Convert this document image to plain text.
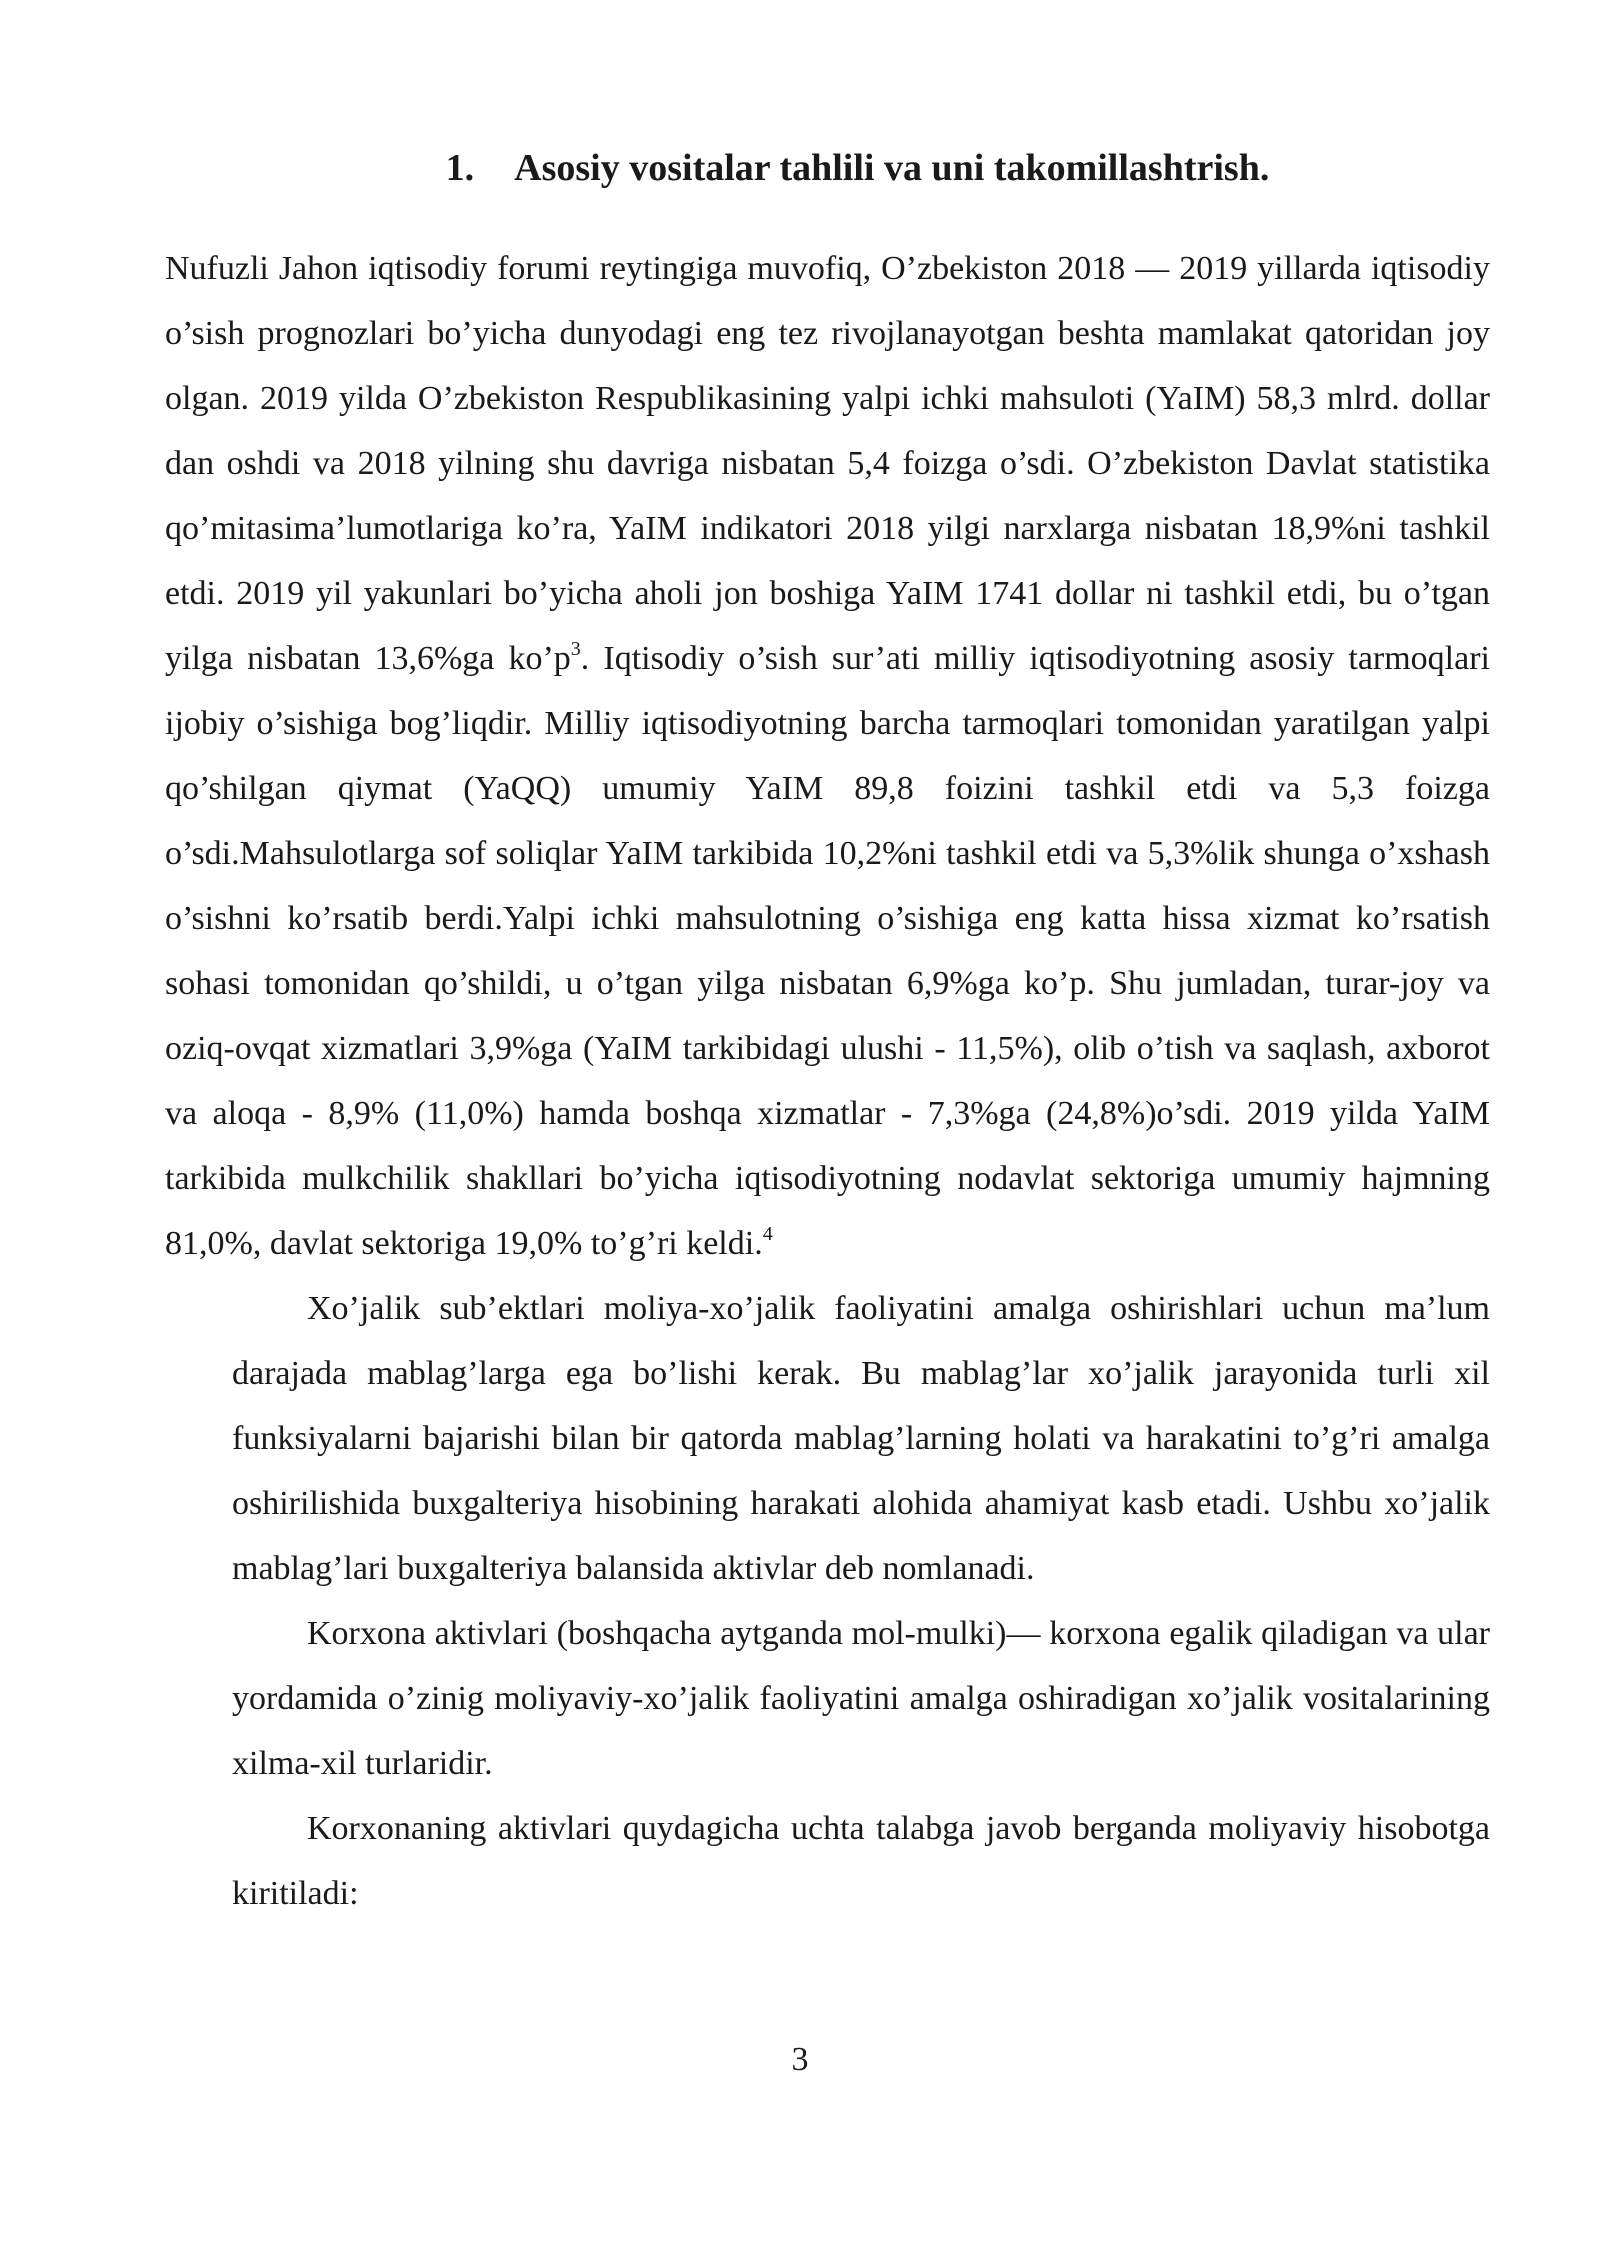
1. Asosiy vositalar tahlili va uni takomillashtrish.

Nufuzli Jahon iqtisodiy forumi reytingiga muvofiq, O’zbekiston 2018 — 2019 yillarda iqtisodiy o’sish prognozlari bo’yicha dunyodagi eng tez rivojlanayotgan beshta mamlakat qatoridan joy olgan. 2019 yilda O’zbekiston Respublikasining yalpi ichki mahsuloti (YaIM) 58,3 mlrd. dollar dan oshdi va 2018 yilning shu davriga nisbatan 5,4 foizga o’sdi. O’zbekiston Davlat statistika qo’mitasima’lumotlariga ko’ra, YaIM indikatori 2018 yilgi narxlarga nisbatan 18,9%ni tashkil etdi. 2019 yil yakunlari bo’yicha aholi jon boshiga YaIM 1741 dollar ni tashkil etdi, bu o’tgan yilga nisbatan 13,6%ga $ko’p^3$. Iqtisodiy o’sish sur’ati milliy iqtisodiyotning asosiy tarmoqlari ijobiy o’sishiga bog’liqdir. Milliy iqtisodiyotning barcha tarmoqlari tomonidan yaratilgan yalpi qo’shilgan qiymat (YaQQ) umumiy YaIM 89,8 foizini tashkil etdi va 5,3 foizga o’sdi.Mahsulotlarga sof soliqlar YaIM tarkibida 10,2%ni tashkil etdi va 5,3%lik shunga o’xshash o’sishni ko’rsatib berdi.Yalpi ichki mahsulotning o’sishiga eng katta hissa xizmat ko’rsatish sohasi tomonidan qo’shildi, u o’tgan yilga nisbatan 6,9%ga ko’p. Shu jumladan, turar-joy va oziq-ovqat xizmatlari 3,9%ga (YaIM tarkibidagi ulushi - 11,5%), olib o’tish va saqlash, axborot va aloqa - 8,9% (11,0%) hamda boshqa xizmatlar - 7,3%ga (24,8%)o’sdi. 2019 yilda YaIM tarkibida mulkchilik shakllari bo’yicha iqtisodiyotning nodavlat sektoriga umumiy hajmning 81,0%, davlat sektoriga 19,0% to’g’ri keldi.$^4$

Xo’jalik sub’ektlari moliya-xo’jalik faoliyatini amalga oshirishlari uchun ma’lum darajada mablag’larga ega bo’lishi kerak. Bu mablag’lar xo’jalik jarayonida turli xil funksiyalarni bajarishi bilan bir qatorda mablag’larning holati va harakatini to’g’ri amalga oshirilishida buxgalteriya hisobining harakati alohida ahamiyat kasb etadi. Ushbu xo’jalik mablag’lari buxgalteriya balansida aktivlar deb nomlanadi.

Korxona aktivlari (boshqacha aytganda mol-mulki)— korxona egalik qiladigan va ular yordamida o’zinig moliyaviy-xo’jalik faoliyatini amalga oshiradigan xo’jalik vositalarining xilma-xil turlaridir.

Korxonaning aktivlari quydagicha uchta talabga javob berganda moliyaviy hisobotga kiritiladi:

3
